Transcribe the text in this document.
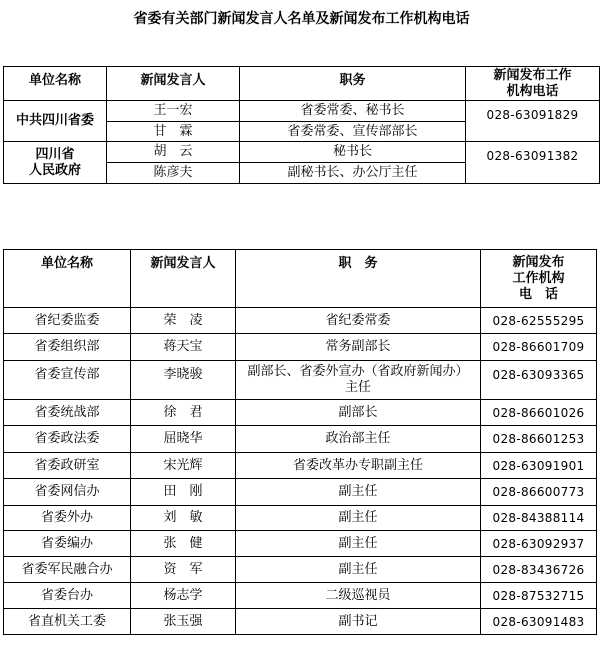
省委有关部门新闻发言人名单及新闻发布工作机构电话
单位名称	新闻发言人	职务	新闻发布工作
机构电话

中共四川省委	王一宏	省委常委、秘书长	028-63091829
	甘　霖	省委常委、宣传部部长	

四川省
人民政府	胡　云	秘书长	028-63091382
	陈彦夫	副秘书长、办公厅主任	
单位名称	新闻发言人	职　务	新闻发布
工作机构
电　话

省纪委监委	荣　凌	省纪委常委	028-62555295
省委组织部	蒋天宝	常务副部长	028-86601709
省委宣传部	李晓骏	副部长、省委外宣办（省政府新闻办）
主任	028-63093365
省委统战部	徐　君	副部长	028-86601026
省委政法委	屈晓华	政治部主任	028-86601253
省委政研室	宋光辉	省委改革办专职副主任	028-63091901
省委网信办	田　刚	副主任	028-86600773
省委外办	刘　敏	副主任	028-84388114
省委编办	张　健	副主任	028-63092937
省委军民融合办	资　军	副主任	028-83436726
省委台办	杨志学	二级巡视员	028-87532715
省直机关工委	张玉强	副书记	028-63091483
